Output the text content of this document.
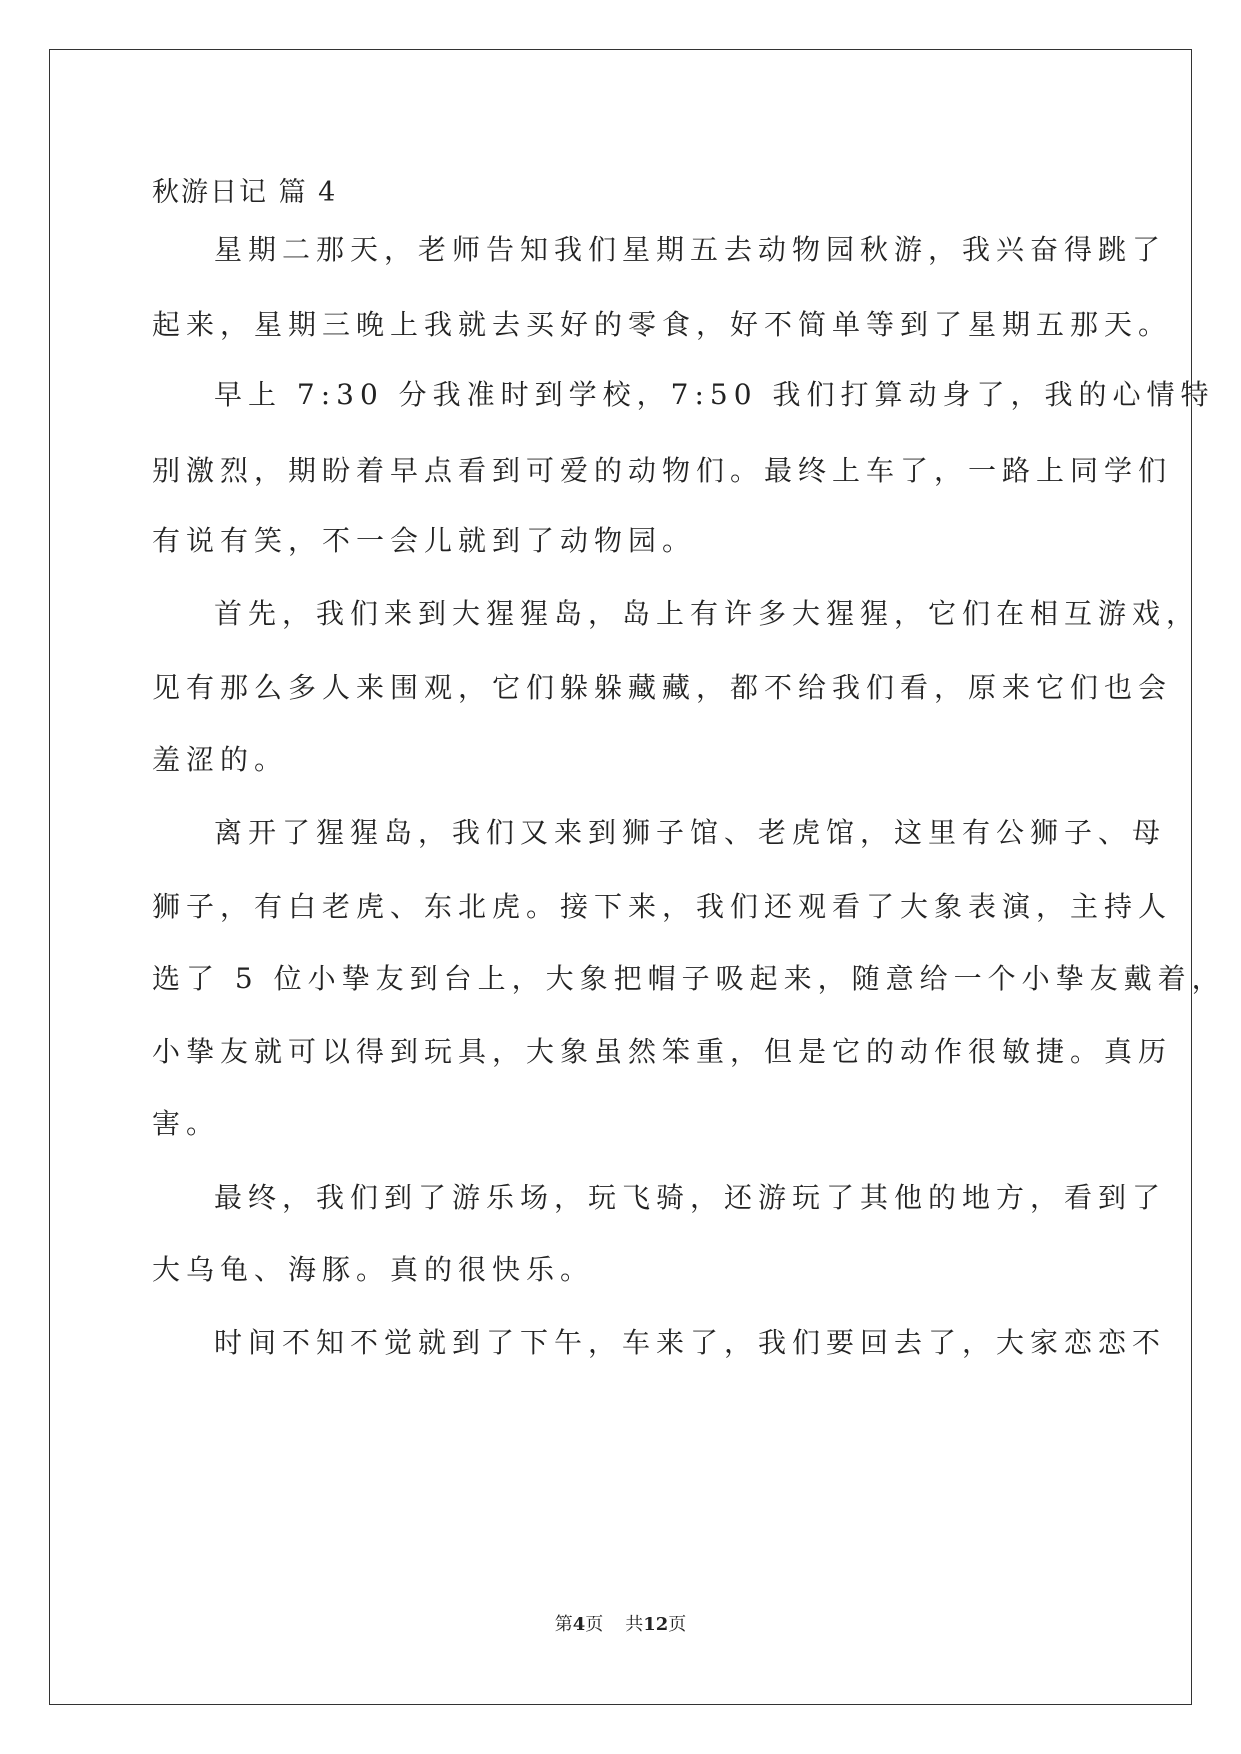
秋游日记 篇 4
星期二那天，老师告知我们星期五去动物园秋游，我兴奋得跳了
起来，星期三晚上我就去买好的零食，好不简单等到了星期五那天。
早上 7:30 分我准时到学校，7:50 我们打算动身了，我的心情特
别激烈，期盼着早点看到可爱的动物们。最终上车了，一路上同学们
有说有笑，不一会儿就到了动物园。
首先，我们来到大猩猩岛，岛上有许多大猩猩，它们在相互游戏，
见有那么多人来围观，它们躲躲藏藏，都不给我们看，原来它们也会
羞涩的。
离开了猩猩岛，我们又来到狮子馆、老虎馆，这里有公狮子、母
狮子，有白老虎、东北虎。接下来，我们还观看了大象表演，主持人
选了 5 位小挚友到台上，大象把帽子吸起来，随意给一个小挚友戴着，
小挚友就可以得到玩具，大象虽然笨重，但是它的动作很敏捷。真历
害。
最终，我们到了游乐场，玩飞骑，还游玩了其他的地方，看到了
大乌龟、海豚。真的很快乐。
时间不知不觉就到了下午，车来了，我们要回去了，大家恋恋不
第4页 共12页
